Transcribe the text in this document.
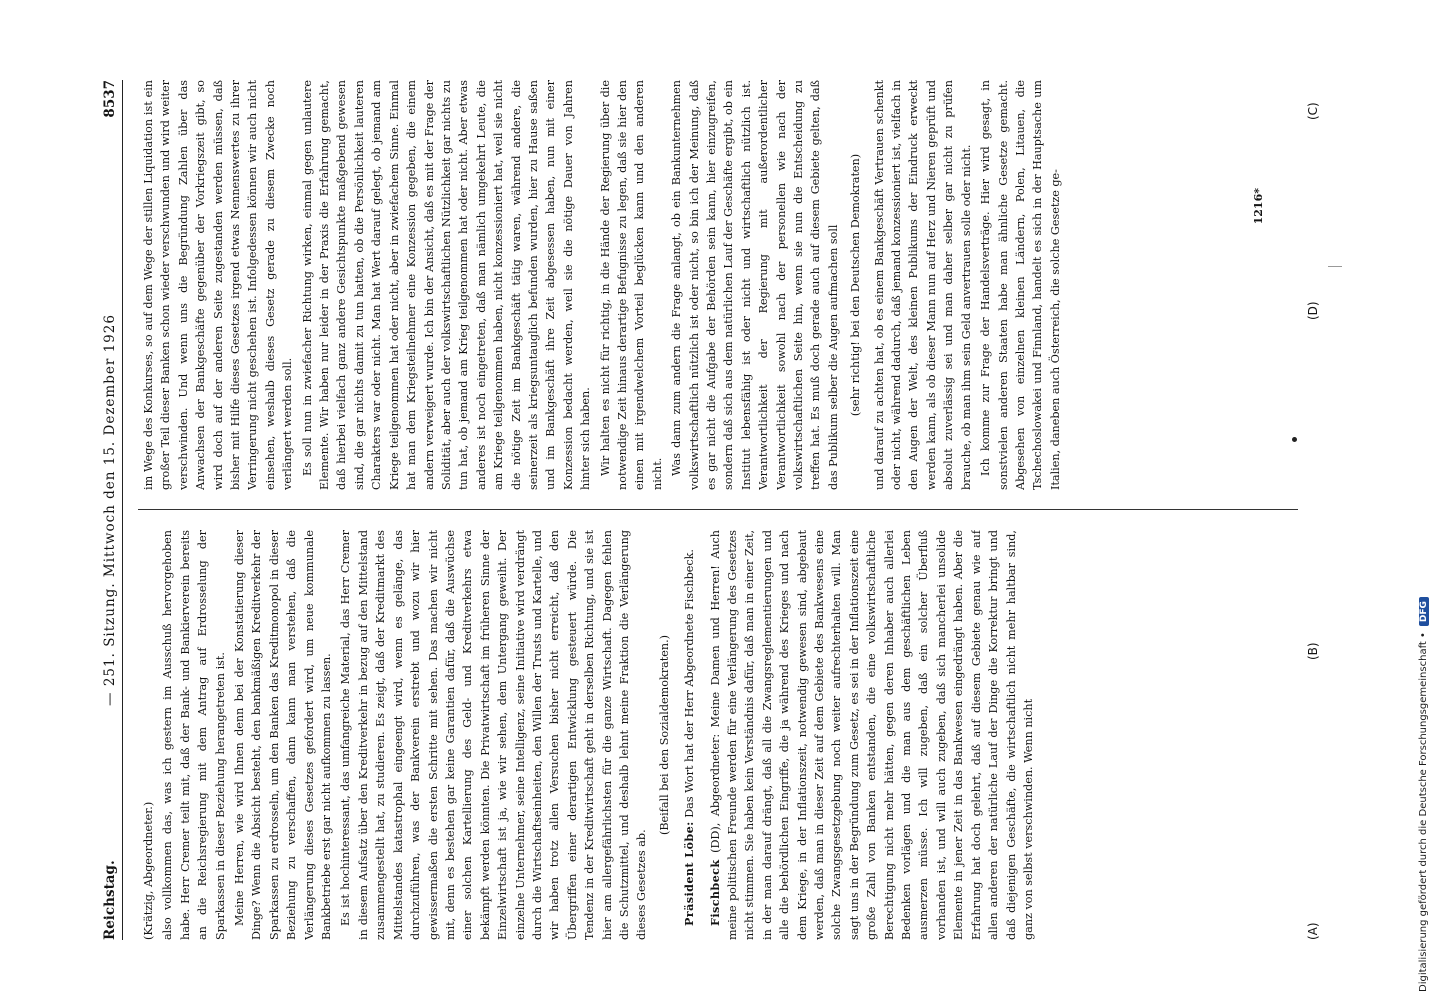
Reichstag.
— 251. Sitzung. Mittwoch den 15. Dezember 1926
8537

(Krätzig, Abgeordneter.) also vollkommen das, was ich gestern im Ausschuß hervorgehoben habe. Herr Cremer teilt mit, daß der Bank- und Bankierverein bereits an die Reichsregierung mit dem Antrag auf Erdrosselung der Sparkassen in dieser Beziehung herangetreten ist. Meine Herren, wie wird Ihnen denn bei der Konstatierung dieser Dinge? Wenn die Absicht besteht, den bankmäßigen Kreditverkehr der Sparkassen zu erdrosseln, um den Banken das Kreditmonopol in dieser Beziehung zu verschaffen, dann kann man verstehen, daß die Verlängerung dieses Gesetzes gefordert wird, um neue kommunale Bankbetriebe erst gar nicht aufkommen zu lassen. Es ist hochinteressant, das umfangreiche Material, das Herr Cremer in diesem Aufsatz über den Kreditverkehr in bezug auf den Mittelstand zusammengestellt hat, zu studieren. Es zeigt, daß der Kreditmarkt des Mittelstandes katastrophal eingeengt wird, wenn es gelänge, das durchzuführen, was der Bankverein erstrebt und wozu wir hier gewissermaßen die ersten Schritte mit sehen. Das machen wir nicht mit, denn es bestehen gar keine Garantien dafür, daß die Auswüchse einer solchen Kartellierung des Geld- und Kreditverkehrs etwa bekämpft werden könnten. Die Privatwirtschaft im früheren Sinne der Einzelwirtschaft ist ja, wie wir sehen, dem Untergang geweiht. Der einzelne Unternehmer, seine Intelligenz, seine Initiative wird verdrängt durch die Wirtschaftseinheiten, den Willen der Trusts und Kartelle, und wir haben trotz allen Versuchen bisher nicht erreicht, daß den Übergriffen einer derartigen Entwicklung gesteuert würde. Die Tendenz in der Kreditwirtschaft geht in derselben Richtung, und sie ist hier am allergefährlichsten für die ganze Wirtschaft. Dagegen fehlen die Schutzmittel, und deshalb lehnt meine Fraktion die Verlängerung dieses Gesetzes ab.

(Beifall bei den Sozialdemokraten.)

Präsident Löbe: Das Wort hat der Herr Abgeordnete Fischbeck.

Fischbeck (DD), Abgeordneter: Meine Damen und Herren! Auch meine politischen Freunde werden für eine Verlängerung des Gesetzes nicht stimmen. Sie haben kein Verständnis dafür, daß man in einer Zeit, in der man darauf drängt, daß all die Zwangsreglementierungen und alle die behördlichen Eingriffe, die ja während des Krieges und nach dem Kriege, in der Inflationszeit, notwendig gewesen sind, abgebaut werden, daß man in dieser Zeit auf dem Gebiete des Bankwesens eine solche Zwangsgesetzgebung noch weiter aufrechterhalten will. Man sagt uns in der Begründung zum Gesetz, es sei in der Inflationszeit eine große Zahl von Banken entstanden, die eine volkswirtschaftliche Berechtigung nicht mehr hätten, gegen deren Inhaber auch allerlei Bedenken vorlägen und die man aus dem geschäftlichen Leben ausmerzen müsse. Ich will zugeben, daß ein solcher Überfluß vorhanden ist, und will auch zugeben, daß sich mancherlei unsolide Elemente in jener Zeit in das Bankwesen eingedrängt haben. Aber die Erfahrung hat doch gelehrt, daß auf diesem Gebiete genau wie auf allen anderen der natürliche Lauf der Dinge die Korrektur bringt und daß diejenigen Geschäfte, die wirtschaftlich nicht mehr haltbar sind, ganz von selbst verschwinden. Wenn nicht

im Wege des Konkurses, so auf dem Wege der stillen Liquidation ist ein großer Teil dieser Banken schon wieder verschwunden und wird weiter verschwinden. Und wenn uns die Begründung Zahlen über das Anwachsen der Bankgeschäfte gegenüber der Vorkriegszeit gibt, so wird doch auf der anderen Seite zugestanden werden müssen, daß bisher mit Hilfe dieses Gesetzes irgend etwas Nennenswertes zu ihrer Verringerung nicht geschehen ist. Infolgedessen können wir auch nicht einsehen, weshalb dieses Gesetz gerade zu diesem Zwecke noch verlängert werden soll. Es soll nun in zwiefacher Richtung wirken, einmal gegen unlautere Elemente. Wir haben nur leider in der Praxis die Erfahrung gemacht, daß hierbei vielfach ganz andere Gesichtspunkte maßgebend gewesen sind, die gar nichts damit zu tun hatten, ob die Persönlichkeit lauteren Charakters war oder nicht. Man hat Wert darauf gelegt, ob jemand am Kriege teilgenommen hat oder nicht, aber in zwiefachem Sinne. Einmal hat man dem Kriegsteilnehmer eine Konzession gegeben, die einem andern verweigert wurde. Ich bin der Ansicht, daß es mit der Frage der Solidität, aber auch der volkswirtschaftlichen Nützlichkeit gar nichts zu tun hat, ob jemand am Krieg teilgenommen hat oder nicht. Aber etwas anderes ist noch eingetreten, daß man nämlich umgekehrt Leute, die am Kriege teilgenommen haben, nicht konzessioniert hat, weil sie nicht die nötige Zeit im Bankgeschäft tätig waren, während andere, die seinerzeit als kriegsuntauglich befunden wurden, hier zu Hause saßen und im Bankgeschäft ihre Zeit abgesessen haben, nun mit einer Konzession bedacht werden, weil sie die nötige Dauer von Jahren hinter sich haben. Wir halten es nicht für richtig, in die Hände der Regierung über die notwendige Zeit hinaus derartige Befugnisse zu legen, daß sie hier den einen mit irgendwelchem Vorteil beglücken kann und den anderen nicht. Was dann zum andern die Frage anlangt, ob ein Bankunternehmen volkswirtschaftlich nützlich ist oder nicht, so bin ich der Meinung, daß es gar nicht die Aufgabe der Behörden sein kann, hier einzugreifen, sondern daß sich aus dem natürlichen Lauf der Geschäfte ergibt, ob ein Institut lebensfähig ist oder nicht und wirtschaftlich nützlich ist. Verantwortlichkeit der Regierung mit außerordentlicher Verantwortlichkeit sowohl nach der personellen wie nach der volkswirtschaftlichen Seite hin, wenn sie nun die Entscheidung zu treffen hat. Es muß doch gerade auch auf diesem Gebiete gelten, daß das Publikum selber die Augen aufmachen soll (sehr richtig! bei den Deutschen Demokraten) und darauf zu achten hat, ob es einem Bankgeschäft Vertrauen schenkt oder nicht, während dadurch, daß jemand konzessioniert ist, vielfach in den Augen der Welt, des kleinen Publikums der Eindruck erweckt werden kann, als ob dieser Mann nun auf Herz und Nieren geprüft und absolut zuverlässig sei und man daher selber gar nicht zu prüfen brauche, ob man ihm sein Geld anvertrauen solle oder nicht. Ich komme zur Frage der Handelsverträge. Hier wird gesagt, in sonstvielen anderen Staaten habe man ähnliche Gesetze gemacht. Abgesehen von einzelnen kleinen Ländern, Polen, Litauen, die Tschechoslowakei und Finnland, handelt es sich in der Hauptsache um Italien, daneben auch Österreich, die solche Gesetze ge-

(A)
(B)
(C)
(D)
1216*
Digitalisierung gefördert durch die Deutsche Forschungsgemeinschaft •DFG
